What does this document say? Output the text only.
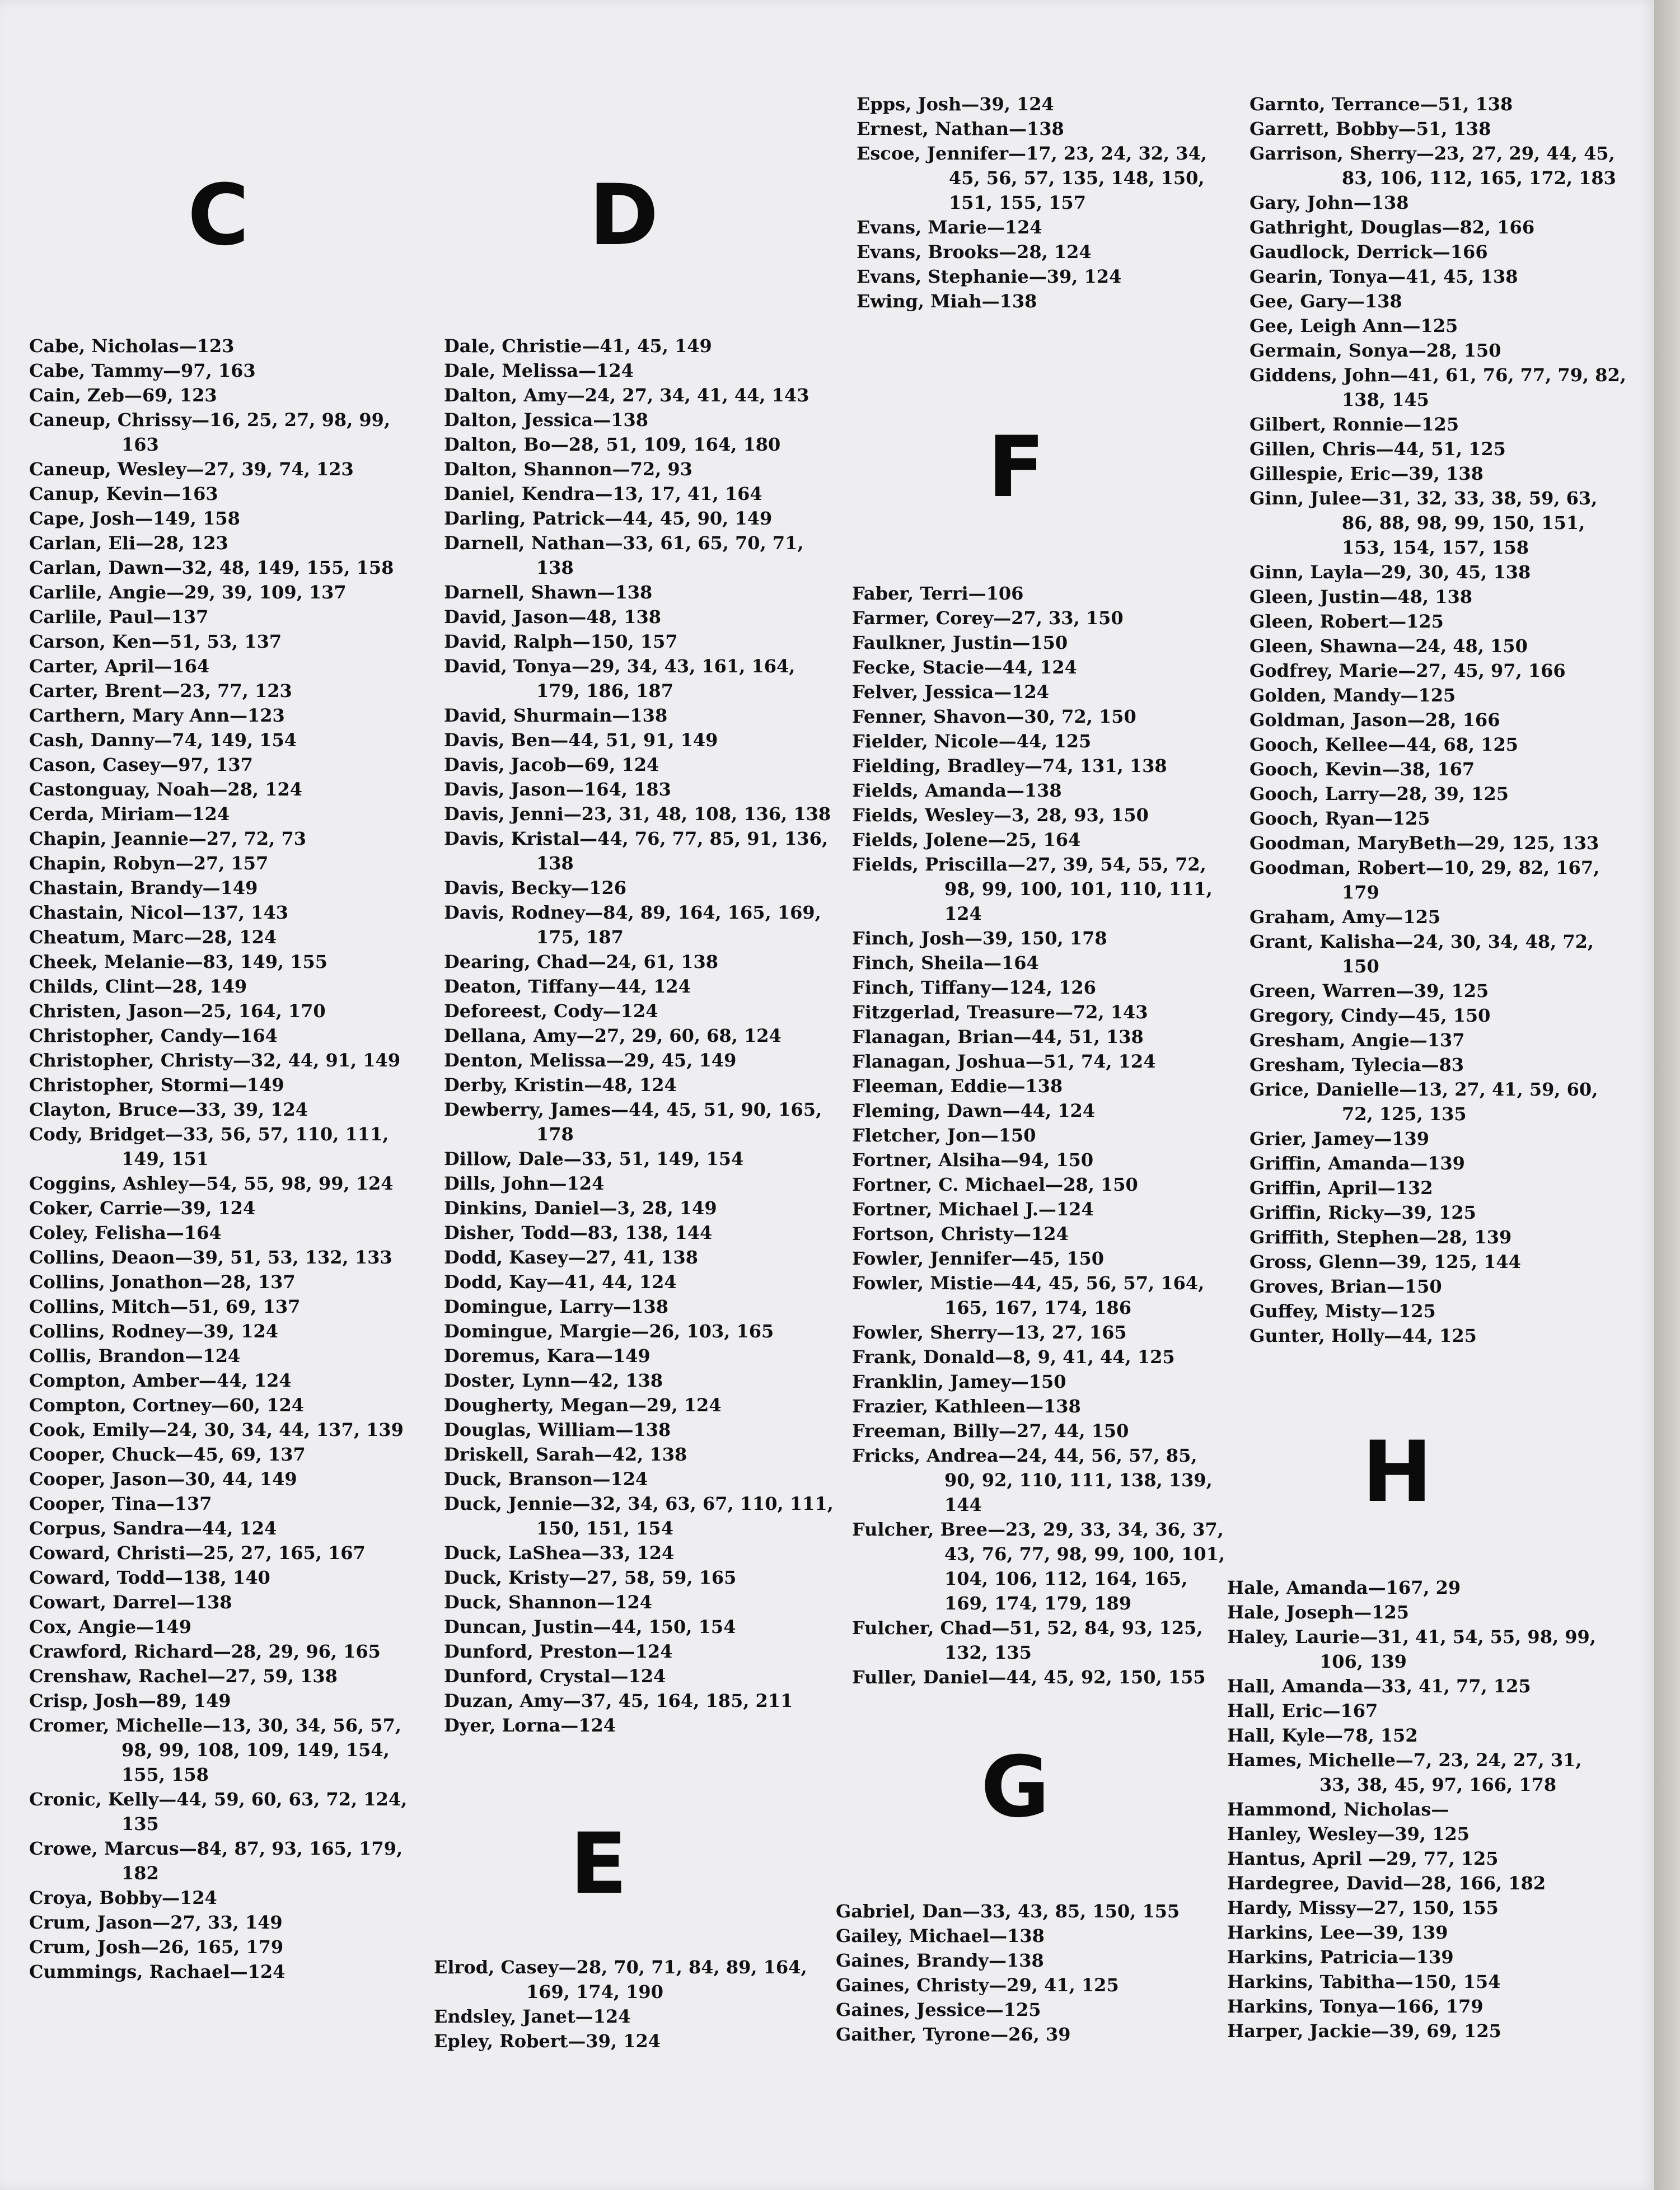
C	D
E
F
G
H
Cabe, Nicholas—123
Cabe, Tammy—97, 163
Cain, Zeb—69, 123
Caneup, Chrissy—16, 25, 27, 98, 99, 163
Caneup, Wesley—27, 39, 74, 123
Canup, Kevin—163
Cape, Josh—149, 158
Carlan, Eli—28, 123
Carlan, Dawn—32, 48, 149, 155, 158
Carlile, Angie—29, 39, 109, 137
Carlile, Paul—137
Carson, Ken—51, 53, 137
Carter, April—164
Carter, Brent—23, 77, 123
Carthern, Mary Ann—123
Cash, Danny—74, 149, 154
Cason, Casey—97, 137
Castonguay, Noah—28, 124
Cerda, Miriam—124
Chapin, Jeannie—27, 72, 73
Chapin, Robyn—27, 157
Chastain, Brandy—149
Chastain, Nicol—137, 143
Cheatum, Marc—28, 124
Cheek, Melanie—83, 149, 155
Childs, Clint—28, 149
Christen, Jason—25, 164, 170
Christopher, Candy—164
Christopher, Christy—32, 44, 91, 149
Christopher, Stormi—149
Clayton, Bruce—33, 39, 124
Cody, Bridget—33, 56, 57, 110, 111, 149, 151
Coggins, Ashley—54, 55, 98, 99, 124
Coker, Carrie—39, 124
Coley, Felisha—164
Collins, Deaon—39, 51, 53, 132, 133
Collins, Jonathon—28, 137
Collins, Mitch—51, 69, 137
Collins, Rodney—39, 124
Collis, Brandon—124
Compton, Amber—44, 124
Compton, Cortney—60, 124
Cook, Emily—24, 30, 34, 44, 137, 139
Cooper, Chuck—45, 69, 137
Cooper, Jason—30, 44, 149
Cooper, Tina—137
Corpus, Sandra—44, 124
Coward, Christi—25, 27, 165, 167
Coward, Todd—138, 140
Cowart, Darrel—138
Cox, Angie—149
Crawford, Richard—28, 29, 96, 165
Crenshaw, Rachel—27, 59, 138
Crisp, Josh—89, 149
Cromer, Michelle—13, 30, 34, 56, 57, 98, 99, 108, 109, 149, 154, 155, 158
Cronic, Kelly—44, 59, 60, 63, 72, 124, 135
Crowe, Marcus—84, 87, 93, 165, 179, 182
Croya, Bobby—124
Crum, Jason—27, 33, 149
Crum, Josh—26, 165, 179
Cummings, Rachael—124
Dale, Christie—41, 45, 149
Dale, Melissa—124
Dalton, Amy—24, 27, 34, 41, 44, 143
Dalton, Jessica—138
Dalton, Bo—28, 51, 109, 164, 180
Dalton, Shannon—72, 93
Daniel, Kendra—13, 17, 41, 164
Darling, Patrick—44, 45, 90, 149
Darnell, Nathan—33, 61, 65, 70, 71, 138
Darnell, Shawn—138
David, Jason—48, 138
David, Ralph—150, 157
David, Tonya—29, 34, 43, 161, 164, 179, 186, 187
David, Shurmain—138
Davis, Ben—44, 51, 91, 149
Davis, Jacob—69, 124
Davis, Jason—164, 183
Davis, Jenni—23, 31, 48, 108, 136, 138
Davis, Kristal—44, 76, 77, 85, 91, 136, 138
Davis, Becky—126
Davis, Rodney—84, 89, 164, 165, 169, 175, 187
Dearing, Chad—24, 61, 138
Deaton, Tiffany—44, 124
Deforeest, Cody—124
Dellana, Amy—27, 29, 60, 68, 124
Denton, Melissa—29, 45, 149
Derby, Kristin—48, 124
Dewberry, James—44, 45, 51, 90, 165, 178
Dillow, Dale—33, 51, 149, 154
Dills, John—124
Dinkins, Daniel—3, 28, 149
Disher, Todd—83, 138, 144
Dodd, Kasey—27, 41, 138
Dodd, Kay—41, 44, 124
Domingue, Larry—138
Domingue, Margie—26, 103, 165
Doremus, Kara—149
Doster, Lynn—42, 138
Dougherty, Megan—29, 124
Douglas, William—138
Driskell, Sarah—42, 138
Duck, Branson—124
Duck, Jennie—32, 34, 63, 67, 110, 111, 150, 151, 154
Duck, LaShea—33, 124
Duck, Kristy—27, 58, 59, 165
Duck, Shannon—124
Duncan, Justin—44, 150, 154
Dunford, Preston—124
Dunford, Crystal—124
Duzan, Amy—37, 45, 164, 185, 211
Dyer, Lorna—124
Elrod, Casey—28, 70, 71, 84, 89, 164, 169, 174, 190
Endsley, Janet—124
Epley, Robert—39, 124
Epps, Josh—39, 124
Ernest, Nathan—138
Escoe, Jennifer—17, 23, 24, 32, 34, 45, 56, 57, 135, 148, 150, 151, 155, 157
Evans, Marie—124
Evans, Brooks—28, 124
Evans, Stephanie—39, 124
Ewing, Miah—138
Faber, Terri—106
Farmer, Corey—27, 33, 150
Faulkner, Justin—150
Fecke, Stacie—44, 124
Felver, Jessica—124
Fenner, Shavon—30, 72, 150
Fielder, Nicole—44, 125
Fielding, Bradley—74, 131, 138
Fields, Amanda—138
Fields, Wesley—3, 28, 93, 150
Fields, Jolene—25, 164
Fields, Priscilla—27, 39, 54, 55, 72, 98, 99, 100, 101, 110, 111, 124
Finch, Josh—39, 150, 178
Finch, Sheila—164
Finch, Tiffany—124, 126
Fitzgerlad, Treasure—72, 143
Flanagan, Brian—44, 51, 138
Flanagan, Joshua—51, 74, 124
Fleeman, Eddie—138
Fleming, Dawn—44, 124
Fletcher, Jon—150
Fortner, Alsiha—94, 150
Fortner, C. Michael—28, 150
Fortner, Michael J.—124
Fortson, Christy—124
Fowler, Jennifer—45, 150
Fowler, Mistie—44, 45, 56, 57, 164, 165, 167, 174, 186
Fowler, Sherry—13, 27, 165
Frank, Donald—8, 9, 41, 44, 125
Franklin, Jamey—150
Frazier, Kathleen—138
Freeman, Billy—27, 44, 150
Fricks, Andrea—24, 44, 56, 57, 85, 90, 92, 110, 111, 138, 139, 144
Fulcher, Bree—23, 29, 33, 34, 36, 37, 43, 76, 77, 98, 99, 100, 101, 104, 106, 112, 164, 165, 169, 174, 179, 189
Fulcher, Chad—51, 52, 84, 93, 125, 132, 135
Fuller, Daniel—44, 45, 92, 150, 155
Gabriel, Dan—33, 43, 85, 150, 155
Gailey, Michael—138
Gaines, Brandy—138
Gaines, Christy—29, 41, 125
Gaines, Jessice—125
Gaither, Tyrone—26, 39
Garnto, Terrance—51, 138
Garrett, Bobby—51, 138
Garrison, Sherry—23, 27, 29, 44, 45, 83, 106, 112, 165, 172, 183
Gary, John—138
Gathright, Douglas—82, 166
Gaudlock, Derrick—166
Gearin, Tonya—41, 45, 138
Gee, Gary—138
Gee, Leigh Ann—125
Germain, Sonya—28, 150
Giddens, John—41, 61, 76, 77, 79, 82, 138, 145
Gilbert, Ronnie—125
Gillen, Chris—44, 51, 125
Gillespie, Eric—39, 138
Ginn, Julee—31, 32, 33, 38, 59, 63, 86, 88, 98, 99, 150, 151, 153, 154, 157, 158
Ginn, Layla—29, 30, 45, 138
Gleen, Justin—48, 138
Gleen, Robert—125
Gleen, Shawna—24, 48, 150
Godfrey, Marie—27, 45, 97, 166
Golden, Mandy—125
Goldman, Jason—28, 166
Gooch, Kellee—44, 68, 125
Gooch, Kevin—38, 167
Gooch, Larry—28, 39, 125
Gooch, Ryan—125
Goodman, MaryBeth—29, 125, 133
Goodman, Robert—10, 29, 82, 167, 179
Graham, Amy—125
Grant, Kalisha—24, 30, 34, 48, 72, 150
Green, Warren—39, 125
Gregory, Cindy—45, 150
Gresham, Angie—137
Gresham, Tylecia—83
Grice, Danielle—13, 27, 41, 59, 60, 72, 125, 135
Grier, Jamey—139
Griffin, Amanda—139
Griffin, April—132
Griffin, Ricky—39, 125
Griffith, Stephen—28, 139
Gross, Glenn—39, 125, 144
Groves, Brian—150
Guffey, Misty—125
Gunter, Holly—44, 125
Hale, Amanda—167, 29
Hale, Joseph—125
Haley, Laurie—31, 41, 54, 55, 98, 99, 106, 139
Hall, Amanda—33, 41, 77, 125
Hall, Eric—167
Hall, Kyle—78, 152
Hames, Michelle—7, 23, 24, 27, 31, 33, 38, 45, 97, 166, 178
Hammond, Nicholas—
Hanley, Wesley—39, 125
Hantus, April —29, 77, 125
Hardegree, David—28, 166, 182
Hardy, Missy—27, 150, 155
Harkins, Lee—39, 139
Harkins, Patricia—139
Harkins, Tabitha—150, 154
Harkins, Tonya—166, 179
Harper, Jackie—39, 69, 125
